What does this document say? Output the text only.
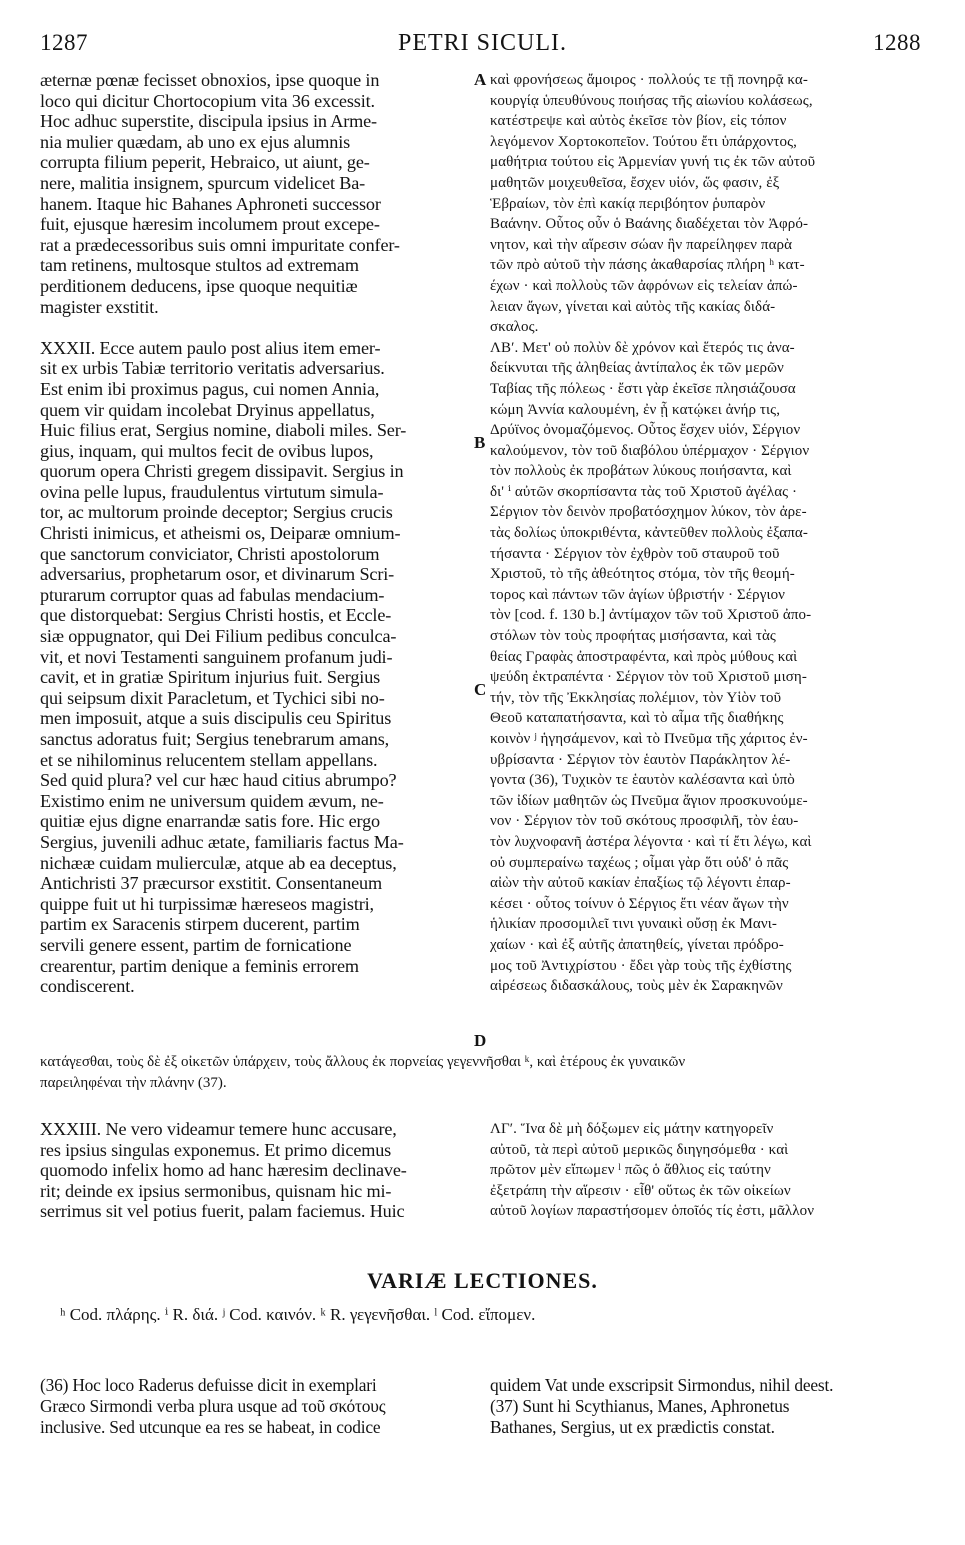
1287	PETRI SICULI.	1288
æternæ pœnæ fecisset obnoxios, ipse quoque in
loco qui dicitur Chortocopium vita 36 excessit.
Hoc adhuc superstite, discipula ipsius in Arme-
nia mulier quædam, ab uno ex ejus alumnis
corrupta filium peperit, Hebraico, ut aiunt, ge-
nere, malitia insignem, spurcum videlicet Ba-
hanem. Itaque hic Bahanes Aphroneti successor
fuit, ejusque hæresim incolumem prout excepe-
rat a prædecessoribus suis omni impuritate confer-
tam retinens, multosque stultos ad extremam
perditionem deducens, ipse quoque nequitiæ
magister exstitit.
XXXII. Ecce autem paulo post alius item emer-
sit ex urbis Tabiæ territorio veritatis adversarius.
Est enim ibi proximus pagus, cui nomen Annia,
quem vir quidam incolebat Dryinus appellatus,
Huic filius erat, Sergius nomine, diaboli miles. Ser-
gius, inquam, qui multos fecit de ovibus lupos,
quorum opera Christi gregem dissipavit. Sergius in
ovina pelle lupus, fraudulentus virtutum simula-
tor, ac multorum proinde deceptor; Sergius crucis
Christi inimicus, et atheismi os, Deiparæ omnium-
que sanctorum conviciator, Christi apostolorum
adversarius, prophetarum osor, et divinarum Scri-
pturarum corruptor quas ad fabulas mendacium-
que distorquebat: Sergius Christi hostis, et Eccle-
siæ oppugnator, qui Dei Filium pedibus conculca-
vit, et novi Testamenti sanguinem profanum judi-
cavit, et in gratiæ Spiritum injurius fuit. Sergius
qui seipsum dixit Paracletum, et Tychici sibi no-
men imposuit, atque a suis discipulis ceu Spiritus
sanctus adoratus fuit; Sergius tenebrarum amans,
et se nihilominus relucentem stellam appellans.
Sed quid plura? vel cur hæc haud citius abrumpo?
Existimo enim ne universum quidem ævum, ne-
quitiæ ejus digne enarrandæ satis fore. Hic ergo
Sergius, juvenili adhuc ætate, familiaris factus Ma-
nichææ cuidam mulierculæ, atque ab ea deceptus,
Antichristi 37 præcursor exstitit. Consentaneum
quippe fuit ut hi turpissimæ hæreseos magistri,
partim ex Saracenis stirpem ducerent, partim
servili genere essent, partim de fornicatione
crearentur, partim denique a feminis errorem
condiscerent.
καὶ φρονήσεως ἄμοιρος · πολλούς τε τῇ πονηρᾷ κα-
κουργίᾳ ὑπευθύνους ποιήσας τῆς αἰωνίου κολάσεως,
κατέστρεψε καὶ αὐτὸς ἐκεῖσε τὸν βίον, εἰς τόπον
λεγόμενον Χορτοκοπεῖον. Τούτου ἔτι ὑπάρχοντος,
μαθήτρια τούτου εἰς Ἀρμενίαν γυνή τις ἐκ τῶν αὐτοῦ
μαθητῶν μοιχευθεῖσα, ἔσχεν υἱόν, ὥς φασιν, ἐξ
Ἑβραίων, τὸν ἐπὶ κακίᾳ περιβόητον ῥυπαρὸν
Βαάνην. Οὗτος οὖν ὁ Βαάνης διαδέχεται τὸν Ἀφρό-
νητον, καὶ τὴν αἵρεσιν σώαν ἣν παρείληφεν παρὰ
τῶν πρὸ αὐτοῦ τὴν πάσης ἀκαθαρσίας πλήρη ʰ κατ-
έχων · καὶ πολλοὺς τῶν ἀφρόνων εἰς τελείαν ἀπώ-
λειαν ἄγων, γίνεται καὶ αὐτὸς τῆς κακίας διδά-
σκαλος.
ΛΒʹ. Μετ' οὐ πολὺν δὲ χρόνον καὶ ἕτερός τις ἀνα-
δείκνυται τῆς ἀληθείας ἀντίπαλος ἐκ τῶν μερῶν
Ταβίας τῆς πόλεως · ἔστι γὰρ ἐκεῖσε πλησιάζουσα
κώμη Ἀννία καλουμένη, ἐν ᾗ κατῴκει ἀνήρ τις,
Δρύϊνος ὀνομαζόμενος. Οὗτος ἔσχεν υἱόν, Σέργιον
καλούμενον, τὸν τοῦ διαβόλου ὑπέρμαχον · Σέργιον
τὸν πολλοὺς ἐκ προβάτων λύκους ποιήσαντα, καὶ
δι' ⁱ αὐτῶν σκορπίσαντα τὰς τοῦ Χριστοῦ ἀγέλας ·
Σέργιον τὸν δεινὸν προβατόσχημον λύκον, τὸν ἀρε-
τὰς δολίως ὑποκριθέντα, κἀντεῦθεν πολλοὺς ἐξαπα-
τήσαντα · Σέργιον τὸν ἐχθρὸν τοῦ σταυροῦ τοῦ
Χριστοῦ, τὸ τῆς ἀθεότητος στόμα, τὸν τῆς θεομή-
τορος καὶ πάντων τῶν ἁγίων ὑβριστήν · Σέργιον
τὸν [cod. f. 130 b.] ἀντίμαχον τῶν τοῦ Χριστοῦ ἀπο-
στόλων τὸν τοὺς προφήτας μισήσαντα, καὶ τὰς
θείας Γραφὰς ἀποστραφέντα, καὶ πρὸς μύθους καὶ
ψεύδη ἐκτραπέντα · Σέργιον τὸν τοῦ Χριστοῦ μιση-
τήν, τὸν τῆς Ἐκκλησίας πολέμιον, τὸν Υἱὸν τοῦ
Θεοῦ καταπατήσαντα, καὶ τὸ αἷμα τῆς διαθήκης
κοινὸν ʲ ἡγησάμενον, καὶ τὸ Πνεῦμα τῆς χάριτος ἐν-
υβρίσαντα · Σέργιον τὸν ἑαυτὸν Παράκλητον λέ-
γοντα (36), Τυχικὸν τε ἑαυτὸν καλέσαντα καὶ ὑπὸ
τῶν ἰδίων μαθητῶν ὡς Πνεῦμα ἅγιον προσκυνούμε-
νον · Σέργιον τὸν τοῦ σκότους προσφιλῆ, τὸν ἑαυ-
τὸν λυχνοφανῆ ἀστέρα λέγοντα · καὶ τί ἔτι λέγω, καὶ
οὐ συμπεραίνω ταχέως ; οἶμαι γὰρ ὅτι οὐδ' ὁ πᾶς
αἰὼν τὴν αὐτοῦ κακίαν ἐπαξίως τῷ λέγοντι ἐπαρ-
κέσει · οὗτος τοίνυν ὁ Σέργιος ἔτι νέαν ἄγων τὴν
ἡλικίαν προσομιλεῖ τινι γυναικὶ οὔσῃ ἐκ Μανι-
χαίων · καὶ ἐξ αὐτῆς ἀπατηθείς, γίνεται πρόδρο-
μος τοῦ Ἀντιχρίστου · ἔδει γὰρ τοὺς τῆς ἐχθίστης
αἱρέσεως διδασκάλους, τοὺς μὲν ἐκ Σαρακηνῶν
A
B
C
D
κατάγεσθαι, τοὺς δὲ ἐξ οἰκετῶν ὑπάρχειν, τοὺς ἄλλους ἐκ πορνείας γεγεννῆσθαι ᵏ, καὶ ἑτέρους ἐκ γυναικῶν
παρειληφέναι τὴν πλάνην (37).
XXXIII. Ne vero videamur temere hunc accusare,
res ipsius singulas exponemus. Et primo dicemus
quomodo infelix homo ad hanc hæresim declinave-
rit; deinde ex ipsius sermonibus, quisnam hic mi-
serrimus sit vel potius fuerit, palam faciemus. Huic
ΛΓʹ. Ἵνα δὲ μὴ δόξωμεν εἰς μάτην κατηγορεῖν
αὐτοῦ, τὰ περὶ αὐτοῦ μερικῶς διηγησόμεθα · καὶ
πρῶτον μὲν εἴπωμεν ˡ πῶς ὁ ἄθλιος εἰς ταύτην
ἐξετράπη τὴν αἵρεσιν · εἶθ' οὕτως ἐκ τῶν οἰκείων
αὐτοῦ λογίων παραστήσομεν ὁποῖός τίς ἐστι, μᾶλλον
VARIÆ LECTIONES.
ʰ Cod. πλάρης. ⁱ R. διά. ʲ Cod. καινόν. ᵏ R. γεγενῆσθαι. ˡ Cod. εἴπομεν.
(36) Hoc loco Raderus defuisse dicit in exemplari
Græco Sirmondi verba plura usque ad τοῦ σκότους
inclusive. Sed utcunque ea res se habeat, in codice
quidem Vat unde exscripsit Sirmondus, nihil deest.
(37) Sunt hi Scythianus, Manes, Aphronetus
Bathanes, Sergius, ut ex prædictis constat.
